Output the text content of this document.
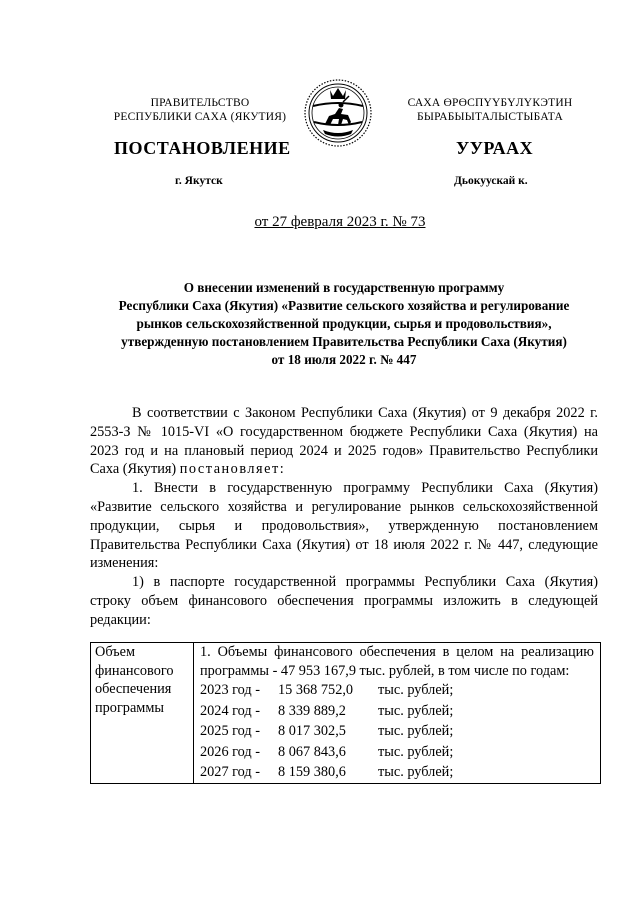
ПРАВИТЕЛЬСТВО
РЕСПУБЛИКИ САХА (ЯКУТИЯ)
САХА ӨРӨСПҮҮБҮЛҮКЭТИН
БЫРАБЫЫТАЛЫСТЫБАТА
ПОСТАНОВЛЕНИЕ	УУРААХ
г. Якутск	Дьокуускай к.
от 27 февраля 2023 г. № 73
О внесении изменений в государственную программу
Республики Саха (Якутия) «Развитие сельского хозяйства и регулирование
рынков сельскохозяйственной продукции, сырья и продовольствия»,
утвержденную постановлением Правительства Республики Саха (Якутия)
от 18 июля 2022 г. № 447

В соответствии с Законом Республики Саха (Якутия) от 9 декабря 2022 г. 2553-З № 1015-VI «О государственном бюджете Республики Саха (Якутия) на 2023 год и на плановый период 2024 и 2025 годов» Правительство Республики Саха (Якутия) постановляет:

1. Внести в государственную программу Республики Саха (Якутия) «Развитие сельского хозяйства и регулирование рынков сельскохозяйственной продукции, сырья и продовольствия», утвержденную постановлением Правительства Республики Саха (Якутия) от 18 июля 2022 г. № 447, следующие изменения:

1) в паспорте государственной программы Республики Саха (Якутия) строку объем финансового обеспечения программы изложить в следующей редакции:

Объем
финансового
обеспечения
программы

1. Объемы финансового обеспечения в целом на реализацию программы - 47 953 167,9 тыс. рублей, в том числе по годам:
2023 год -	15 368 752,0	тыс. рублей;
2024 год -	8 339 889,2	тыс. рублей;
2025 год -	8 017 302,5	тыс. рублей;
2026 год -	8 067 843,6	тыс. рублей;
2027 год -	8 159 380,6	тыс. рублей;
